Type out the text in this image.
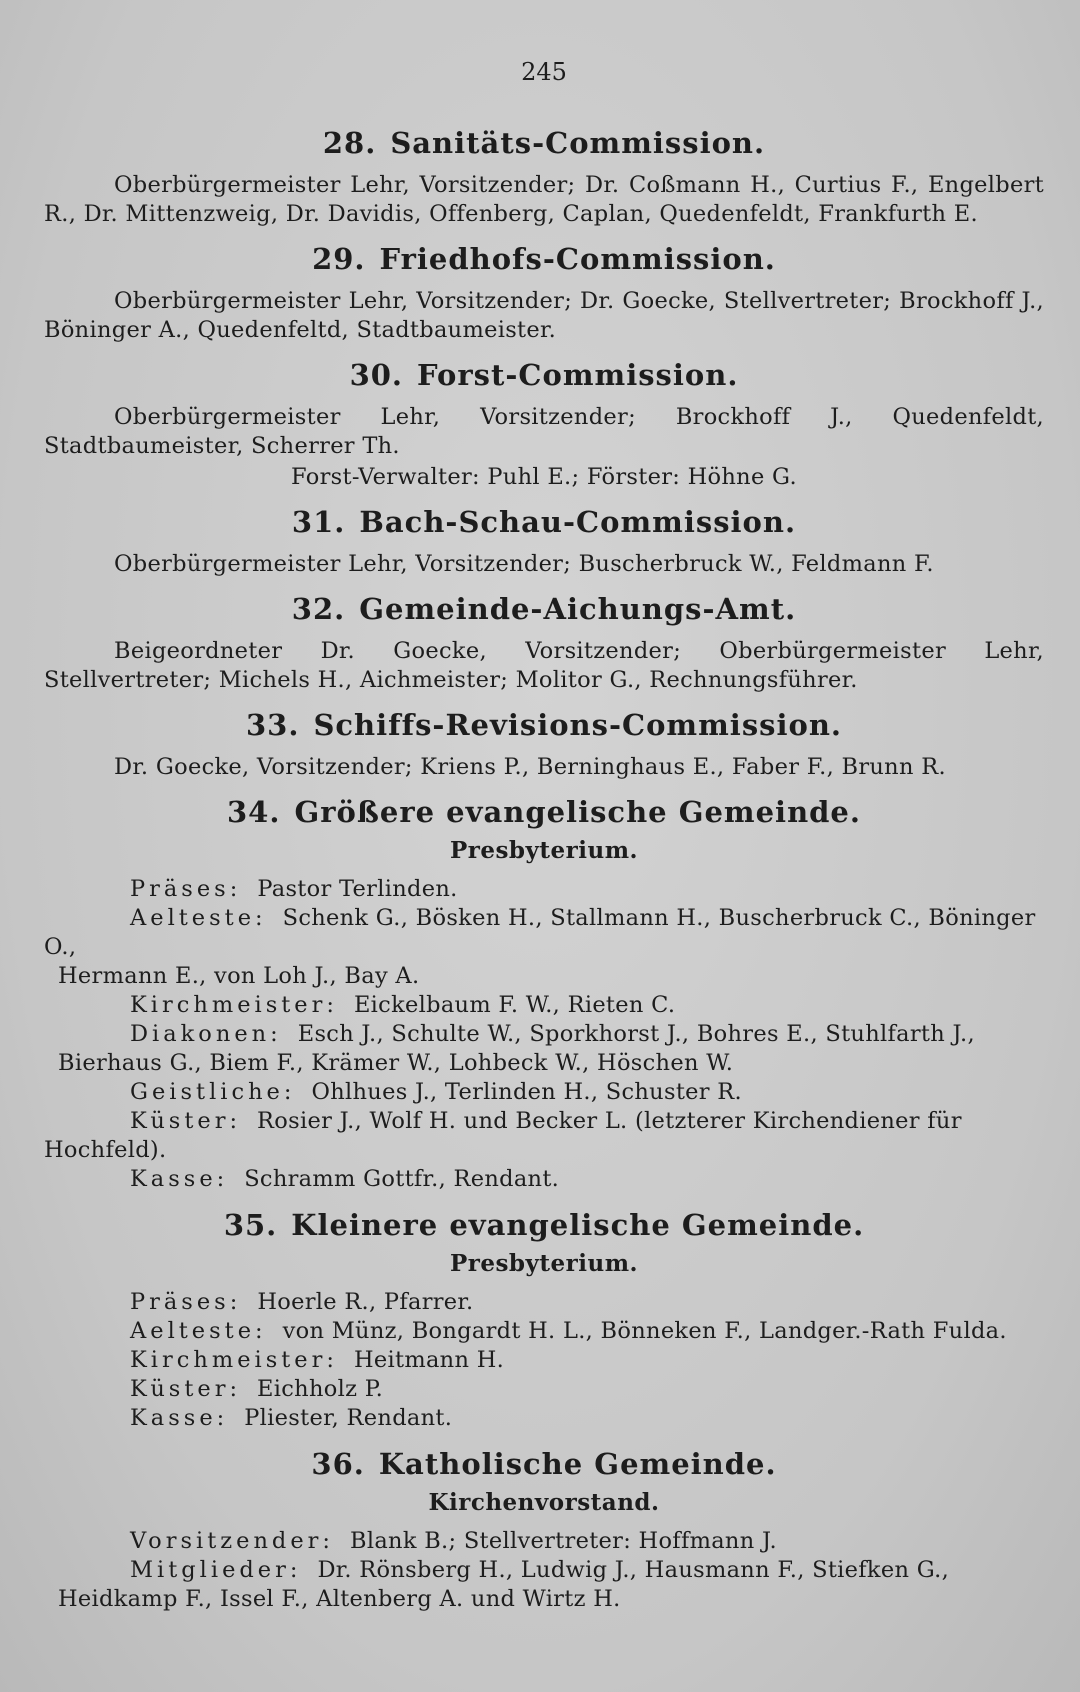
245
28. Sanitäts-Commission.
Oberbürgermeister Lehr, Vorsitzender; Dr. Coßmann H., Curtius F., Engelbert R., Dr. Mittenzweig, Dr. Davidis, Offenberg, Caplan, Quedenfeldt, Frankfurth E.
29. Friedhofs-Commission.
Oberbürgermeister Lehr, Vorsitzender; Dr. Goecke, Stellvertreter; Brockhoff J., Böninger A., Quedenfeltd, Stadtbaumeister.
30. Forst-Commission.
Oberbürgermeister Lehr, Vorsitzender; Brockhoff J., Quedenfeldt, Stadtbaumeister, Scherrer Th.
Forst-Verwalter: Puhl E.; Förster: Höhne G.
31. Bach-Schau-Commission.
Oberbürgermeister Lehr, Vorsitzender; Buscherbruck W., Feldmann F.
32. Gemeinde-Aichungs-Amt.
Beigeordneter Dr. Goecke, Vorsitzender; Oberbürgermeister Lehr, Stellvertreter; Michels H., Aichmeister; Molitor G., Rechnungsführer.
33. Schiffs-Revisions-Commission.
Dr. Goecke, Vorsitzender; Kriens P., Berninghaus E., Faber F., Brunn R.
34. Größere evangelische Gemeinde.
Presbyterium.
Präses: Pastor Terlinden.
Aelteste: Schenk G., Bösken H., Stallmann H., Buscherbruck C., Böninger O.,
Hermann E., von Loh J., Bay A.
Kirchmeister: Eickelbaum F. W., Rieten C.
Diakonen: Esch J., Schulte W., Sporkhorst J., Bohres E., Stuhlfarth J.,
Bierhaus G., Biem F., Krämer W., Lohbeck W., Höschen W.
Geistliche: Ohlhues J., Terlinden H., Schuster R.
Küster: Rosier J., Wolf H. und Becker L. (letzterer Kirchendiener für Hochfeld).
Kasse: Schramm Gottfr., Rendant.
35. Kleinere evangelische Gemeinde.
Presbyterium.
Präses: Hoerle R., Pfarrer.
Aelteste: von Münz, Bongardt H. L., Bönneken F., Landger.-Rath Fulda.
Kirchmeister: Heitmann H.
Küster: Eichholz P.
Kasse: Pliester, Rendant.
36. Katholische Gemeinde.
Kirchenvorstand.
Vorsitzender: Blank B.; Stellvertreter: Hoffmann J.
Mitglieder: Dr. Rönsberg H., Ludwig J., Hausmann F., Stiefken G.,
Heidkamp F., Issel F., Altenberg A. und Wirtz H.
